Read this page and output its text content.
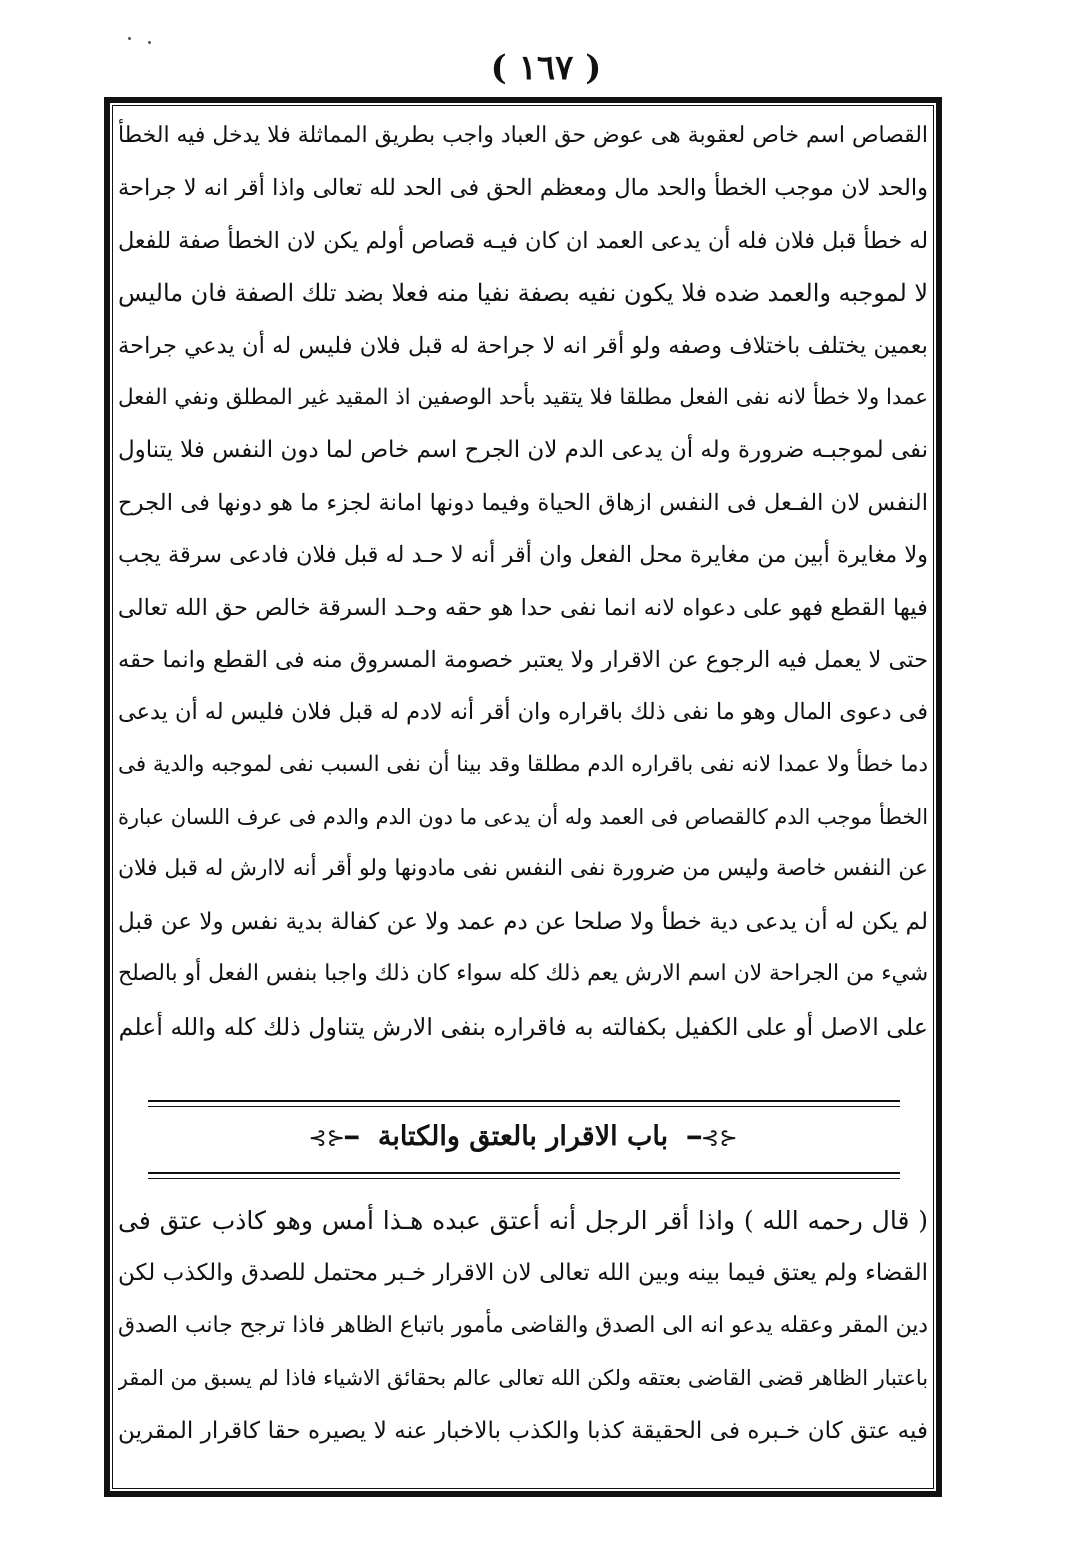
( ١٦٧ )
القصاص اسم خاص لعقوبة هى عوض حق العباد واجب بطريق المماثلة فلا يدخل فيه الخطأ
والحد لان موجب الخطأ والحد مال ومعظم الحق فى الحد لله تعالى واذا أقر انه لا جراحة
له خطأ قبل فلان فله أن يدعى العمد ان كان فيـه قصاص أولم يكن لان الخطأ صفة للفعل
لا لموجبه والعمد ضده فلا يكون نفيه بصفة نفيا منه فعلا بضد تلك الصفة فان ماليس
بعمين يختلف باختلاف وصفه ولو أقر انه لا جراحة له قبل فلان فليس له أن يدعي جراحة
عمدا ولا خطأ لانه نفى الفعل مطلقا فلا يتقيد بأحد الوصفين اذ المقيد غير المطلق ونفي الفعل
نفى لموجبـه ضرورة وله أن يدعى الدم لان الجرح اسم خاص لما دون النفس فلا يتناول
النفس لان الفـعل فى النفس ازهاق الحياة وفيما دونها امانة لجزء ما هو دونها فى الجرح
ولا مغايرة أبين من مغايرة محل الفعل وان أقر أنه لا حـد له قبل فلان فادعى سرقة يجب
فيها القطع فهو على دعواه لانه انما نفى حدا هو حقه وحـد السرقة خالص حق الله تعالى
حتى لا يعمل فيه الرجوع عن الاقرار ولا يعتبر خصومة المسروق منه فى القطع وانما حقه
فى دعوى المال وهو ما نفى ذلك باقراره وان أقر أنه لادم له قبل فلان فليس له أن يدعى
دما خطأ ولا عمدا لانه نفى باقراره الدم مطلقا وقد بينا أن نفى السبب نفى لموجبه والدية فى
الخطأ موجب الدم كالقصاص فى العمد وله أن يدعى ما دون الدم والدم فى عرف اللسان عبارة
عن النفس خاصة وليس من ضرورة نفى النفس نفى مادونها ولو أقر أنه لاارش له قبل فلان
لم يكن له أن يدعى دية خطأ ولا صلحا عن دم عمد ولا عن كفالة بدية نفس ولا عن قبل
شيء من الجراحة لان اسم الارش يعم ذلك كله سواء كان ذلك واجبا بنفس الفعل أو بالصلح
على الاصل أو على الكفيل بكفالته به فاقراره بنفى الارش يتناول ذلك كله والله أعلم
⊰⊱━ باب الاقرار بالعتق والكتابة ━⊰⊱
( قال رحمه الله ) واذا أقر الرجل أنه أعتق عبده هـذا أمس وهو كاذب عتق فى
القضاء ولم يعتق فيما بينه وبين الله تعالى لان الاقرار خـبر محتمل للصدق والكذب لكن
دين المقر وعقله يدعو انه الى الصدق والقاضى مأمور باتباع الظاهر فاذا ترجح جانب الصدق
باعتبار الظاهر قضى القاضى بعتقه ولكن الله تعالى عالم بحقائق الاشياء فاذا لم يسبق من المقر
فيه عتق كان خـبره فى الحقيقة كذبا والكذب بالاخبار عنه لا يصيره حقا كاقرار المقرين
